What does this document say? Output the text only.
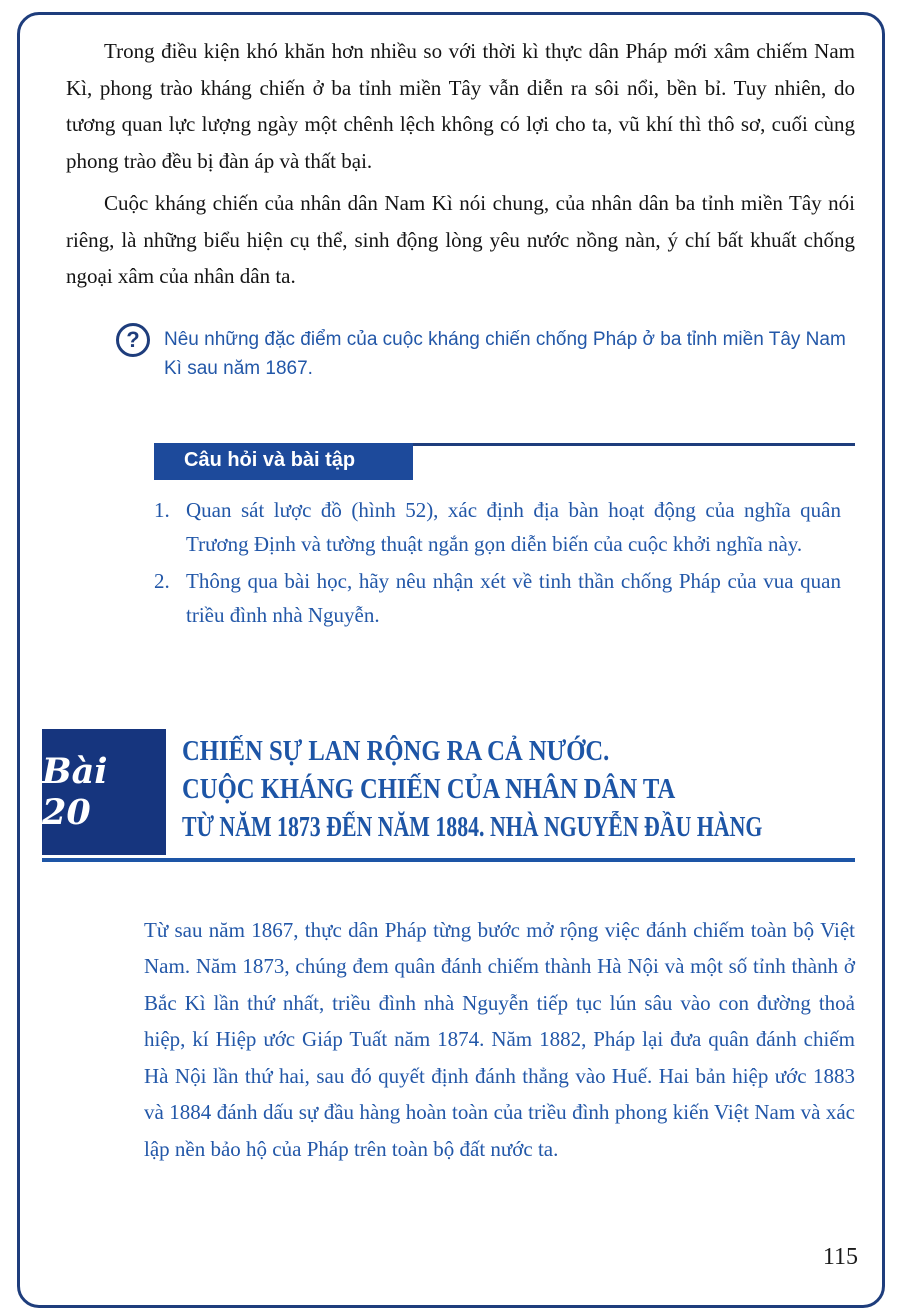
Trong điều kiện khó khăn hơn nhiều so với thời kì thực dân Pháp mới xâm chiếm Nam Kì, phong trào kháng chiến ở ba tỉnh miền Tây vẫn diễn ra sôi nổi, bền bỉ. Tuy nhiên, do tương quan lực lượng ngày một chênh lệch không có lợi cho ta, vũ khí thì thô sơ, cuối cùng phong trào đều bị đàn áp và thất bại.

Cuộc kháng chiến của nhân dân Nam Kì nói chung, của nhân dân ba tỉnh miền Tây nói riêng, là những biểu hiện cụ thể, sinh động lòng yêu nước nồng nàn, ý chí bất khuất chống ngoại xâm của nhân dân ta.

?	Nêu những đặc điểm của cuộc kháng chiến chống Pháp ở ba tỉnh miền Tây Nam Kì sau năm 1867.
Câu hỏi và bài tập
1. Quan sát lược đồ (hình 52), xác định địa bàn hoạt động của nghĩa quân Trương Định và tường thuật ngắn gọn diễn biến của cuộc khởi nghĩa này.
2. Thông qua bài học, hãy nêu nhận xét về tinh thần chống Pháp của vua quan triều đình nhà Nguyễn.
Bài 20
CHIẾN SỰ LAN RỘNG RA CẢ NƯỚC.
CUỘC KHÁNG CHIẾN CỦA NHÂN DÂN TA
TỪ NĂM 1873 ĐẾN NĂM 1884. NHÀ NGUYỄN ĐẦU HÀNG

Từ sau năm 1867, thực dân Pháp từng bước mở rộng việc đánh chiếm toàn bộ Việt Nam. Năm 1873, chúng đem quân đánh chiếm thành Hà Nội và một số tỉnh thành ở Bắc Kì lần thứ nhất, triều đình nhà Nguyễn tiếp tục lún sâu vào con đường thoả hiệp, kí Hiệp ước Giáp Tuất năm 1874. Năm 1882, Pháp lại đưa quân đánh chiếm Hà Nội lần thứ hai, sau đó quyết định đánh thẳng vào Huế. Hai bản hiệp ước 1883 và 1884 đánh dấu sự đầu hàng hoàn toàn của triều đình phong kiến Việt Nam và xác lập nền bảo hộ của Pháp trên toàn bộ đất nước ta.

115
